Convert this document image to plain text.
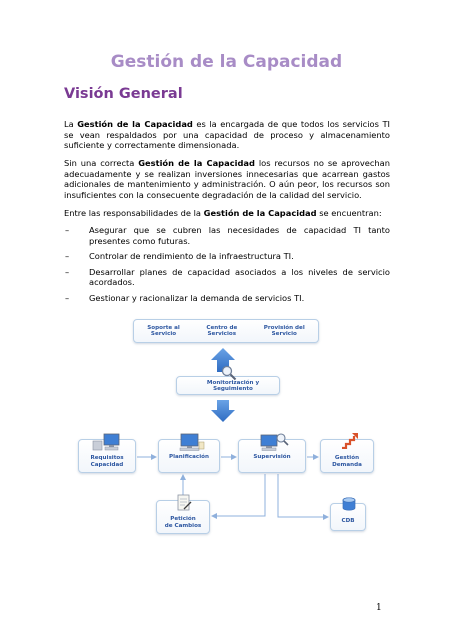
Gestión de la Capacidad
Visión General

La Gestión de la Capacidad es la encargada de que todos los servicios TI se vean respaldados por una capacidad de proceso y almacenamiento suficiente y correctamente dimensionada.

Sin una correcta Gestión de la Capacidad los recursos no se aprovechan adecuadamente y se realizan inversiones innecesarias que acarrean gastos adicionales de mantenimiento y administración. O aún peor, los recursos son insuficientes con la consecuente degradación de la calidad del servicio.

Entre las responsabilidades de la Gestión de la Capacidad se encuentran:

– Asegurar que se cubren las necesidades de capacidad TI tanto presentes como futuras.
– Controlar de rendimiento de la infraestructura TI.
– Desarrollar planes de capacidad asociados a los niveles de servicio acordados.
– Gestionar y racionalizar la demanda de servicios TI.
Soporte al
Servicio
Centro de
Servicios
Provisión del
Servicio
Monitorización y Seguimiento
Requisitos
Capacidad
Planificación	Supervisión	Gestión
Demanda
Petición
de Cambios
CDB

1
